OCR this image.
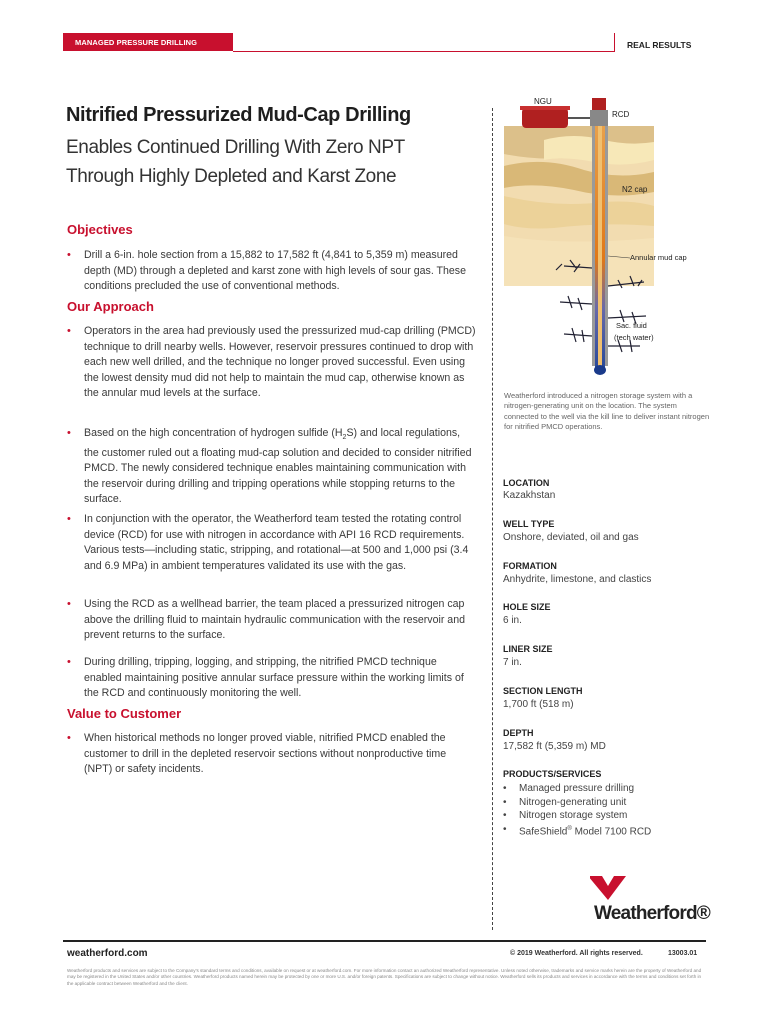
MANAGED PRESSURE DRILLING	REAL RESULTS
Nitrified Pressurized Mud-Cap Drilling
Enables Continued Drilling With Zero NPT
Through Highly Depleted and Karst Zone
Objectives
• Drill a 6-in. hole section from a 15,882 to 17,582 ft (4,841 to 5,359 m) measured depth (MD) through a depleted and karst zone with high levels of sour gas. These conditions precluded the use of conventional methods.
Our Approach
• Operators in the area had previously used the pressurized mud-cap drilling (PMCD) technique to drill nearby wells. However, reservoir pressures continued to drop with each new well drilled, and the technique no longer proved successful. Even using the lowest density mud did not help to maintain the mud cap, otherwise known as the annular mud levels at the surface.
• Based on the high concentration of hydrogen sulfide $(H_2S)$ and local regulations, the customer ruled out a floating mud-cap solution and decided to consider nitrified PMCD. The newly considered technique enables maintaining communication with the reservoir during drilling and tripping operations while stopping returns to the surface.
• In conjunction with the operator, the Weatherford team tested the rotating control device (RCD) for use with nitrogen in accordance with API 16 RCD requirements. Various tests—including static, stripping, and rotational—at 500 and 1,000 psi (3.4 and 6.9 MPa) in ambient temperatures validated its use with the gas.
• Using the RCD as a wellhead barrier, the team placed a pressurized nitrogen cap above the drilling fluid to maintain hydraulic communication with the reservoir and prevent returns to the surface.
• During drilling, tripping, logging, and stripping, the nitrified PMCD technique enabled maintaining positive annular surface pressure within the working limits of the RCD and continuously monitoring the well.
Value to Customer
• When historical methods no longer proved viable, nitrified PMCD enabled the customer to drill in the depleted reservoir sections without nonproductive time (NPT) or safety incidents.
NGU
RCD
N2 cap
Annular mud cap
Sac. fluid
(tech water)
Weatherford introduced a nitrogen storage system with a nitrogen-generating unit on the location. The system connected to the well via the kill line to deliver instant nitrogen for nitrified PMCD operations.
LOCATION
Kazakhstan
WELL TYPE
Onshore, deviated, oil and gas
FORMATION
Anhydrite, limestone, and clastics
HOLE SIZE
6 in.
LINER SIZE
7 in.
SECTION LENGTH
1,700 ft (518 m)
DEPTH
17,582 ft (5,359 m) MD
PRODUCTS/SERVICES
• Managed pressure drilling
• Nitrogen-generating unit
• Nitrogen storage system
• SafeShield® Model 7100 RCD
Weatherford®
weatherford.com	© 2019 Weatherford. All rights reserved.	13003.01
Weatherford products and services are subject to the Company's standard terms and conditions, available on request or at weatherford.com. For more information contact an authorized Weatherford representative. Unless noted otherwise, trademarks and service marks herein are the property of Weatherford and may be registered in the United States and/or other countries. Weatherford products named herein may be protected by one or more U.S. and/or foreign patents. Specifications are subject to change without notice. Weatherford sells its products and services in accordance with the terms and conditions set forth in the applicable contract between Weatherford and the client.
